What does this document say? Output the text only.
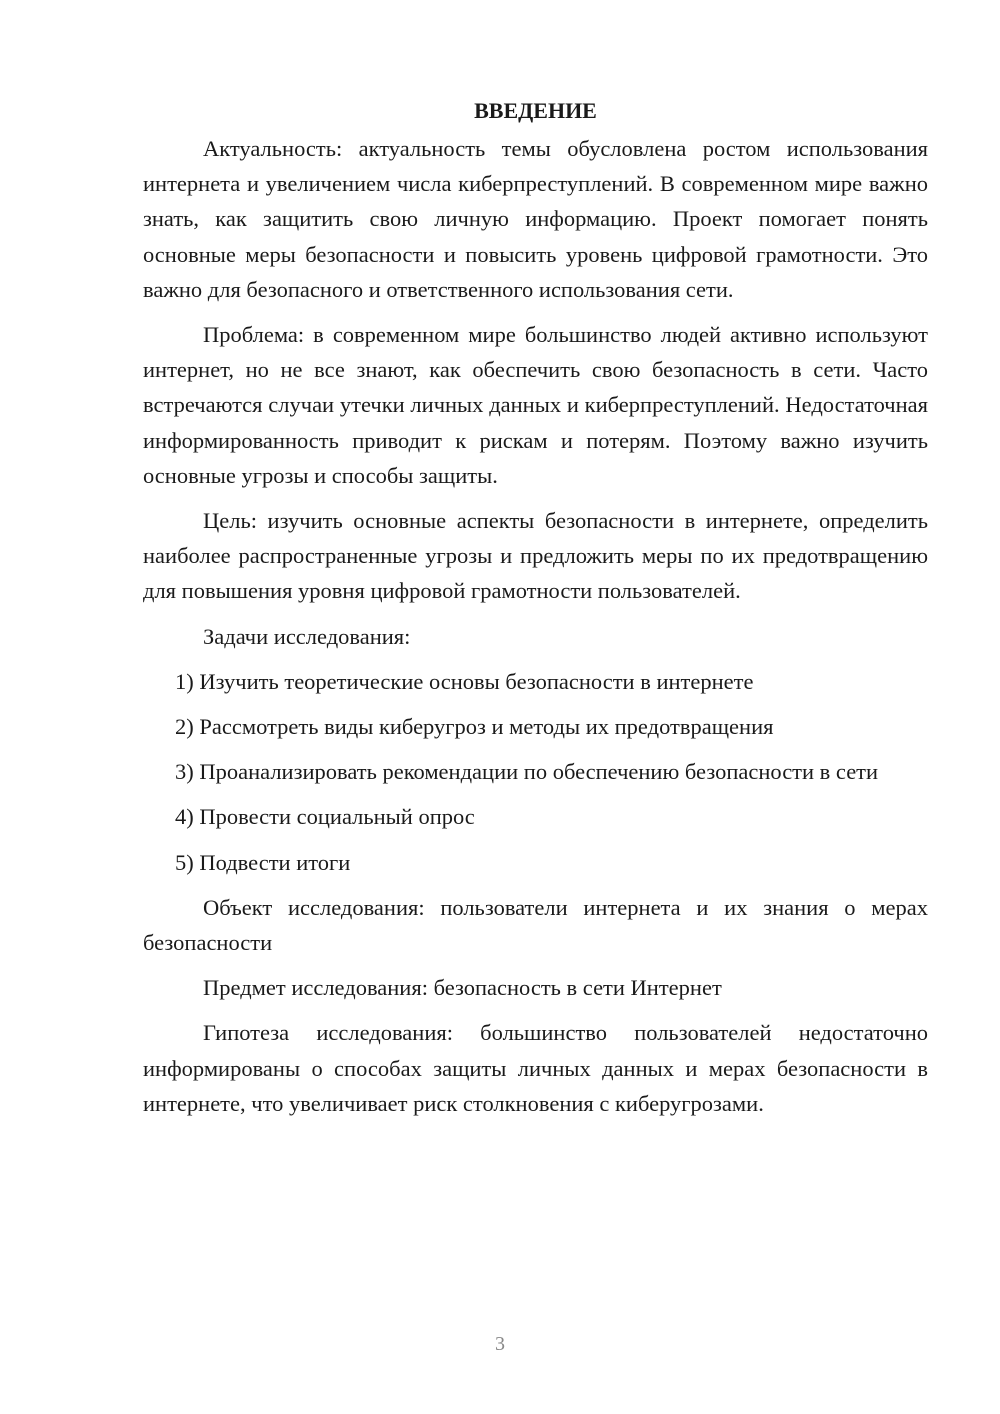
ВВЕДЕНИЕ

Актуальность: актуальность темы обусловлена ростом использования интернета и увеличением числа киберпреступлений. В современном мире важно знать, как защитить свою личную информацию. Проект помогает понять основные меры безопасности и повысить уровень цифровой грамотности. Это важно для безопасного и ответственного использования сети.

Проблема: в современном мире большинство людей активно используют интернет, но не все знают, как обеспечить свою безопасность в сети. Часто встречаются случаи утечки личных данных и киберпреступлений. Недостаточная информированность приводит к рискам и потерям. Поэтому важно изучить основные угрозы и способы защиты.

Цель: изучить основные аспекты безопасности в интернете, определить наиболее распространенные угрозы и предложить меры по их предотвращению для повышения уровня цифровой грамотности пользователей.

Задачи исследования:

1) Изучить теоретические основы безопасности в интернете

2) Рассмотреть виды киберугроз и методы их предотвращения

3) Проанализировать рекомендации по обеспечению безопасности в сети

4) Провести социальный опрос

5) Подвести итоги

Объект исследования: пользователи интернета и их знания о мерах безопасности

Предмет исследования: безопасность в сети Интернет

Гипотеза исследования: большинство пользователей недостаточно информированы о способах защиты личных данных и мерах безопасности в интернете, что увеличивает риск столкновения с киберугрозами.

3
